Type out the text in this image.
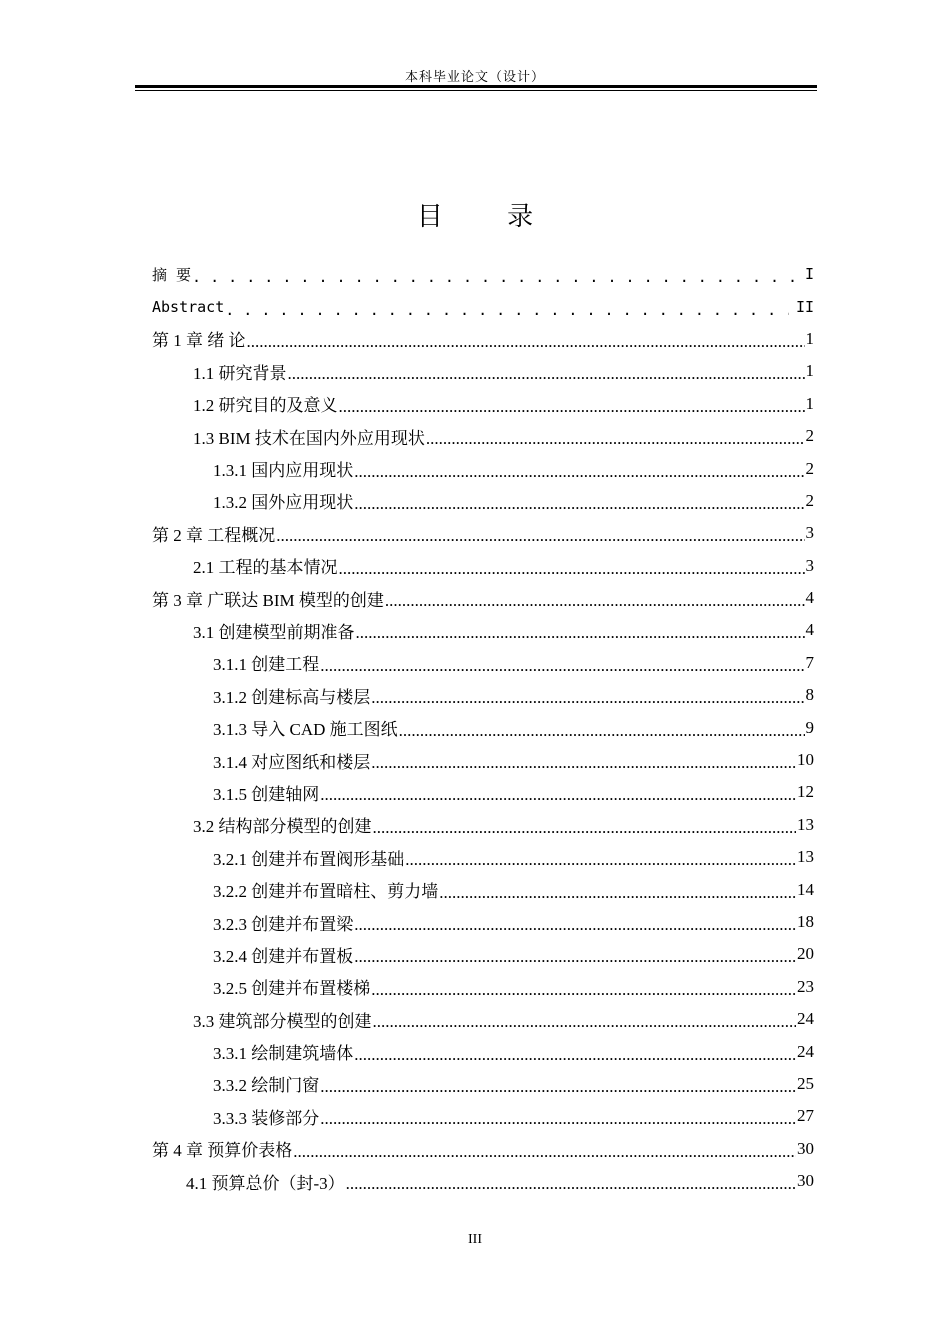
本科毕业论文（设计）
目 录
摘 要 . . .	I
Abstract . . .	II
第 1 章 绪 论 .....	1
1.1 研究背景 .....	1
1.2 研究目的及意义 .....	1
1.3 BIM 技术在国内外应用现状 .....	2
1.3.1 国内应用现状 .....	2
1.3.2 国外应用现状 .....	2
第 2 章 工程概况 .....	3
2.1 工程的基本情况 .....	3
第 3 章 广联达 BIM 模型的创建 .....	4
3.1 创建模型前期准备 .....	4
3.1.1 创建工程 .....	7
3.1.2 创建标高与楼层 .....	8
3.1.3 导入 CAD 施工图纸 .....	9
3.1.4 对应图纸和楼层 .....	10
3.1.5 创建轴网 .....	12
3.2 结构部分模型的创建 .....	13
3.2.1 创建并布置阀形基础 .....	13
3.2.2 创建并布置暗柱、剪力墙 .....	14
3.2.3 创建并布置梁 .....	18
3.2.4 创建并布置板 .....	20
3.2.5 创建并布置楼梯 .....	23
3.3 建筑部分模型的创建 .....	24
3.3.1 绘制建筑墙体 .....	24
3.3.2 绘制门窗 .....	25
3.3.3 装修部分 .....	27
第 4 章 预算价表格 .....	30
4.1 预算总价（封-3） .....	30
III
